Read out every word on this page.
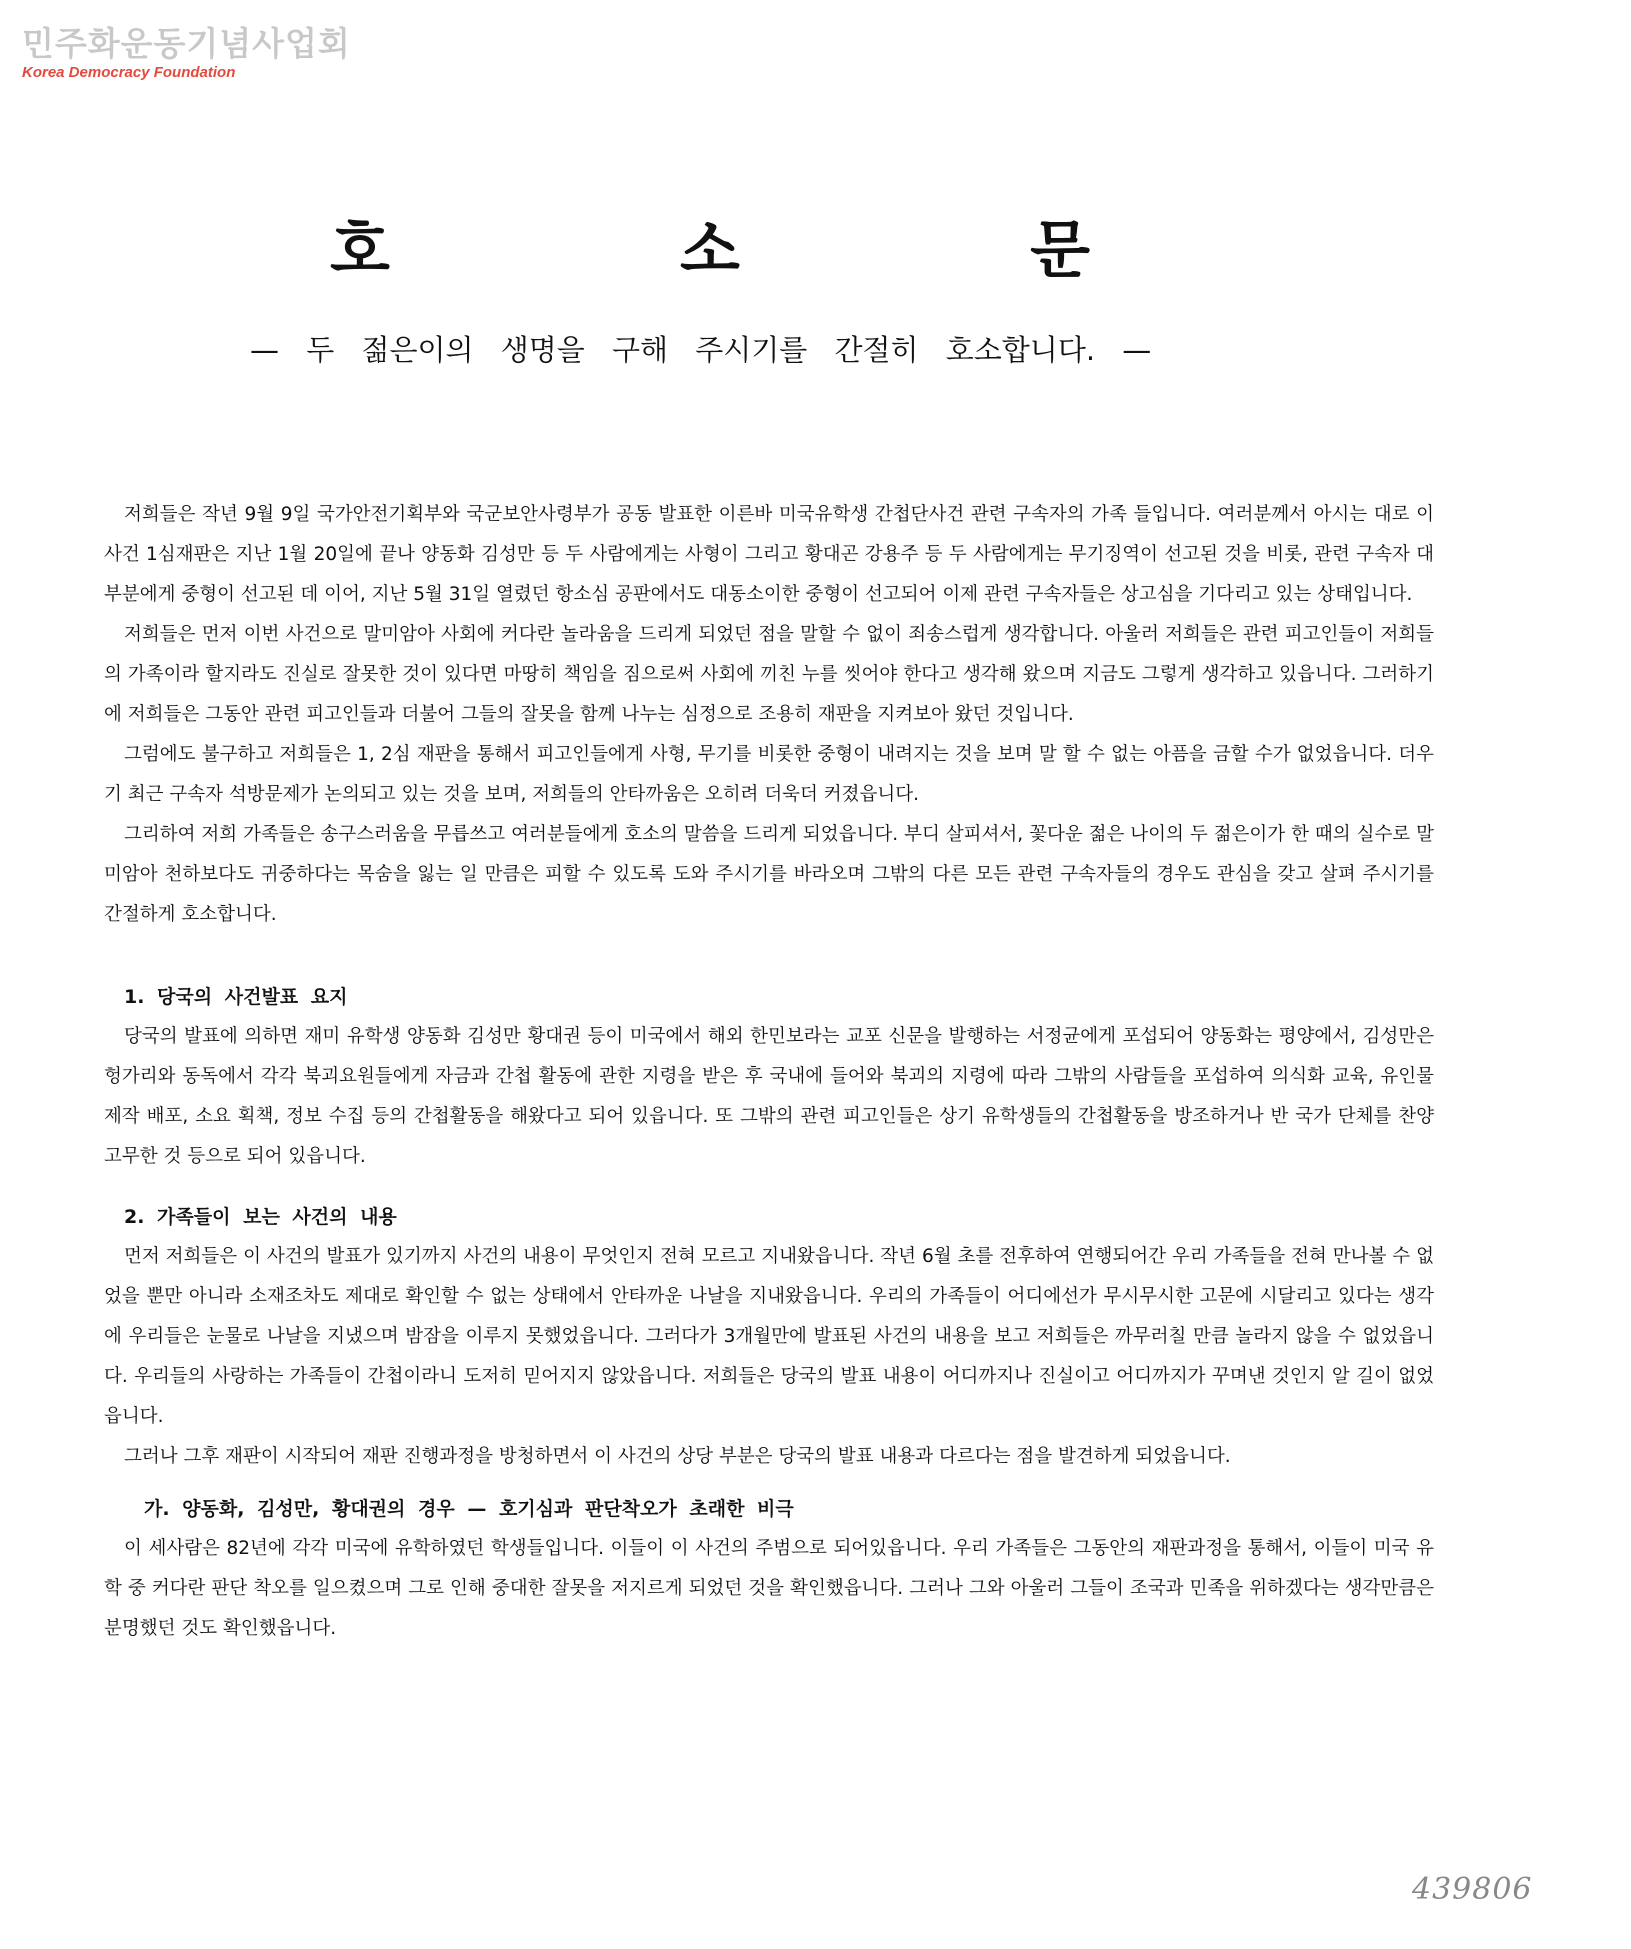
민주화운동기념사업회
Korea Democracy Foundation
호	소	문
— 두 젊은이의 생명을 구해 주시기를 간절히 호소합니다. —

저희들은 작년 9월 9일 국가안전기획부와 국군보안사령부가 공동 발표한 이른바 미국유학생 간첩단사건 관련 구속자의 가족 들입니다. 여러분께서 아시는 대로 이 사건 1심재판은 지난 1월 20일에 끝나 양동화 김성만 등 두 사람에게는 사형이 그리고 황대곤 강용주 등 두 사람에게는 무기징역이 선고된 것을 비롯, 관련 구속자 대부분에게 중형이 선고된 데 이어, 지난 5월 31일 열렸던 항소심 공판에서도 대동소이한 중형이 선고되어 이제 관련 구속자들은 상고심을 기다리고 있는 상태입니다.

저희들은 먼저 이번 사건으로 말미암아 사회에 커다란 놀라움을 드리게 되었던 점을 말할 수 없이 죄송스럽게 생각합니다. 아울러 저희들은 관련 피고인들이 저희들의 가족이라 할지라도 진실로 잘못한 것이 있다면 마땅히 책임을 짐으로써 사회에 끼친 누를 씻어야 한다고 생각해 왔으며 지금도 그렇게 생각하고 있읍니다. 그러하기에 저희들은 그동안 관련 피고인들과 더불어 그들의 잘못을 함께 나누는 심정으로 조용히 재판을 지켜보아 왔던 것입니다.

그럼에도 불구하고 저희들은 1, 2심 재판을 통해서 피고인들에게 사형, 무기를 비롯한 중형이 내려지는 것을 보며 말 할 수 없는 아픔을 금할 수가 없었읍니다. 더우기 최근 구속자 석방문제가 논의되고 있는 것을 보며, 저희들의 안타까움은 오히려 더욱더 커졌읍니다.

그리하여 저희 가족들은 송구스러움을 무릅쓰고 여러분들에게 호소의 말씀을 드리게 되었읍니다. 부디 살피셔서, 꽃다운 젊은 나이의 두 젊은이가 한 때의 실수로 말미암아 천하보다도 귀중하다는 목숨을 잃는 일 만큼은 피할 수 있도록 도와 주시기를 바라오며 그밖의 다른 모든 관련 구속자들의 경우도 관심을 갖고 살펴 주시기를 간절하게 호소합니다.

1. 당국의 사건발표 요지

당국의 발표에 의하면 재미 유학생 양동화 김성만 황대권 등이 미국에서 해외 한민보라는 교포 신문을 발행하는 서정균에게 포섭되어 양동화는 평양에서, 김성만은 헝가리와 동독에서 각각 북괴요원들에게 자금과 간첩 활동에 관한 지령을 받은 후 국내에 들어와 북괴의 지령에 따라 그밖의 사람들을 포섭하여 의식화 교육, 유인물 제작 배포, 소요 획책, 정보 수집 등의 간첩활동을 해왔다고 되어 있읍니다. 또 그밖의 관련 피고인들은 상기 유학생들의 간첩활동을 방조하거나 반 국가 단체를 찬양 고무한 것 등으로 되어 있읍니다.

2. 가족들이 보는 사건의 내용

먼저 저희들은 이 사건의 발표가 있기까지 사건의 내용이 무엇인지 전혀 모르고 지내왔읍니다. 작년 6월 초를 전후하여 연행되어간 우리 가족들을 전혀 만나볼 수 없었을 뿐만 아니라 소재조차도 제대로 확인할 수 없는 상태에서 안타까운 나날을 지내왔읍니다. 우리의 가족들이 어디에선가 무시무시한 고문에 시달리고 있다는 생각에 우리들은 눈물로 나날을 지냈으며 밤잠을 이루지 못했었읍니다. 그러다가 3개월만에 발표된 사건의 내용을 보고 저희들은 까무러칠 만큼 놀라지 않을 수 없었읍니다. 우리들의 사랑하는 가족들이 간첩이라니 도저히 믿어지지 않았읍니다. 저희들은 당국의 발표 내용이 어디까지나 진실이고 어디까지가 꾸며낸 것인지 알 길이 없었읍니다.

그러나 그후 재판이 시작되어 재판 진행과정을 방청하면서 이 사건의 상당 부분은 당국의 발표 내용과 다르다는 점을 발견하게 되었읍니다.

가. 양동화, 김성만, 황대권의 경우 — 호기심과 판단착오가 초래한 비극

이 세사람은 82년에 각각 미국에 유학하였던 학생들입니다. 이들이 이 사건의 주범으로 되어있읍니다. 우리 가족들은 그동안의 재판과정을 통해서, 이들이 미국 유학 중 커다란 판단 착오를 일으켰으며 그로 인해 중대한 잘못을 저지르게 되었던 것을 확인했읍니다. 그러나 그와 아울러 그들이 조국과 민족을 위하겠다는 생각만큼은 분명했던 것도 확인했읍니다.

439806
